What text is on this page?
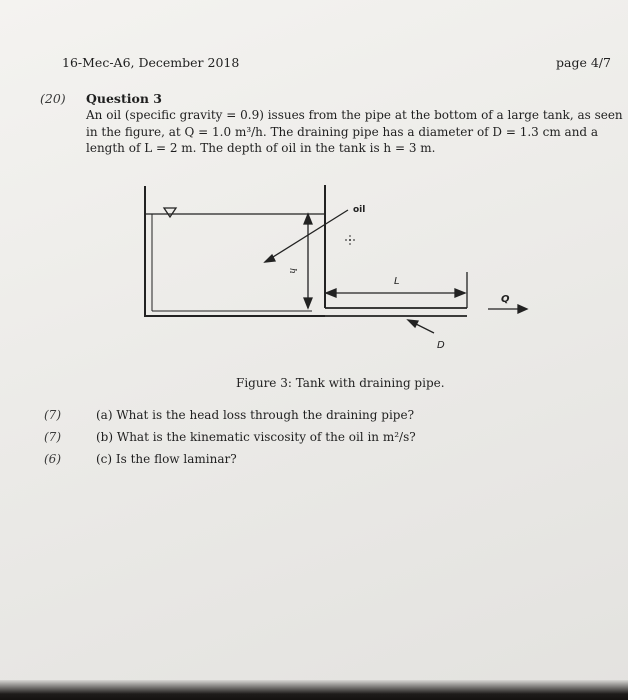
16-Mec-A6, December 2018	page 4/7
(20) Question 3
An oil (specific gravity = 0.9) issues from the pipe at the bottom of a large tank, as seen
in the figure, at Q = 1.0 m³/h. The draining pipe has a diameter of D = 1.3 cm and a
length of L = 2 m. The depth of oil in the tank is h = 3 m.
oil
h
L
D
Q
Figure 3: Tank with draining pipe.
(7)	(a) What is the head loss through the draining pipe?
(7)	(b) What is the kinematic viscosity of the oil in m²/s?
(6)	(c) Is the flow laminar?
